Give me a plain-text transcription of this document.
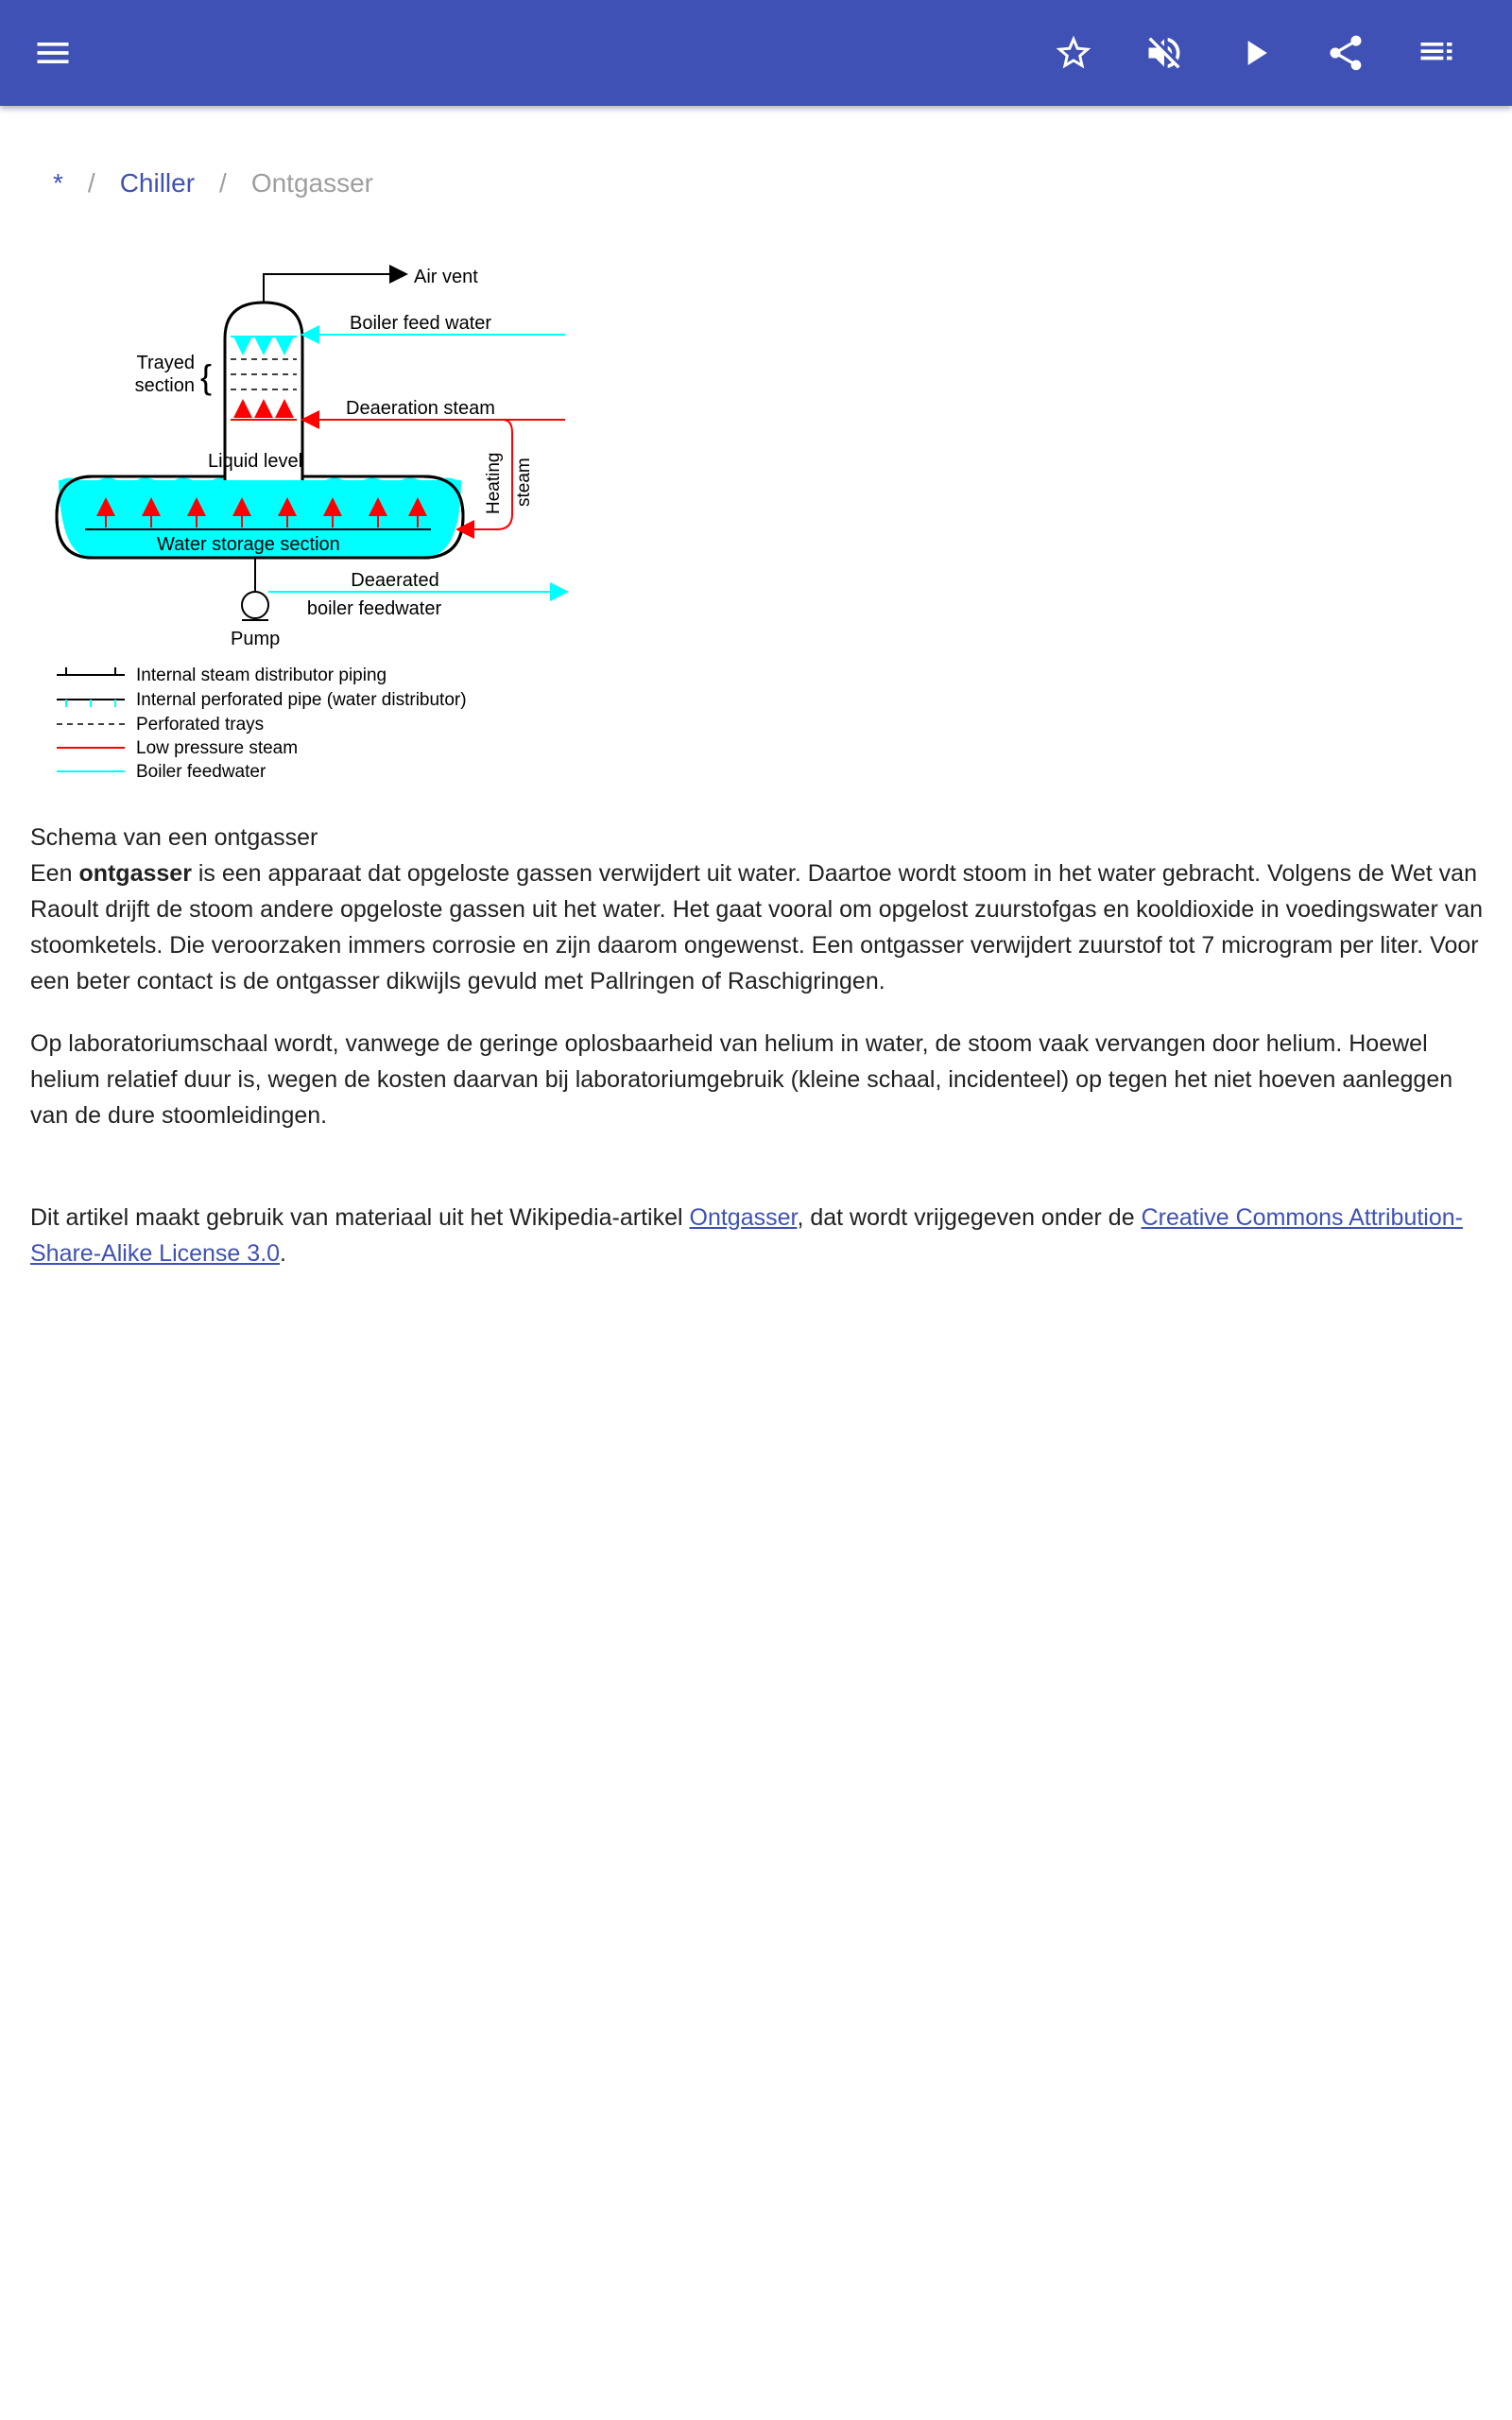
* / Chiller / Ontgasser
Air vent
Boiler feed water
Trayed
section {
Deaeration steam
Heating steam
Liquid level
Water storage section
Pump
Deaerated
boiler feedwater
Internal steam distributor piping
Internal perforated pipe (water distributor)
Perforated trays
Low pressure steam
Boiler feedwater

Schema van een ontgasser

Een ontgasser is een apparaat dat opgeloste gassen verwijdert uit water. Daartoe wordt stoom in het water gebracht. Volgens de Wet van Raoult drijft de stoom andere opgeloste gassen uit het water. Het gaat vooral om opgelost zuurstofgas en kooldioxide in voedingswater van stoomketels. Die veroorzaken immers corrosie en zijn daarom ongewenst. Een ontgasser verwijdert zuurstof tot 7 microgram per liter. Voor een beter contact is de ontgasser dikwijls gevuld met Pallringen of Raschigringen.

Op laboratoriumschaal wordt, vanwege de geringe oplosbaarheid van helium in water, de stoom vaak vervangen door helium. Hoewel helium relatief duur is, wegen de kosten daarvan bij laboratoriumgebruik (kleine schaal, incidenteel) op tegen het niet hoeven aanleggen van de dure stoomleidingen.

Dit artikel maakt gebruik van materiaal uit het Wikipedia-artikel Ontgasser, dat wordt vrijgegeven onder de Creative Commons Attribution-Share-Alike License 3.0.
